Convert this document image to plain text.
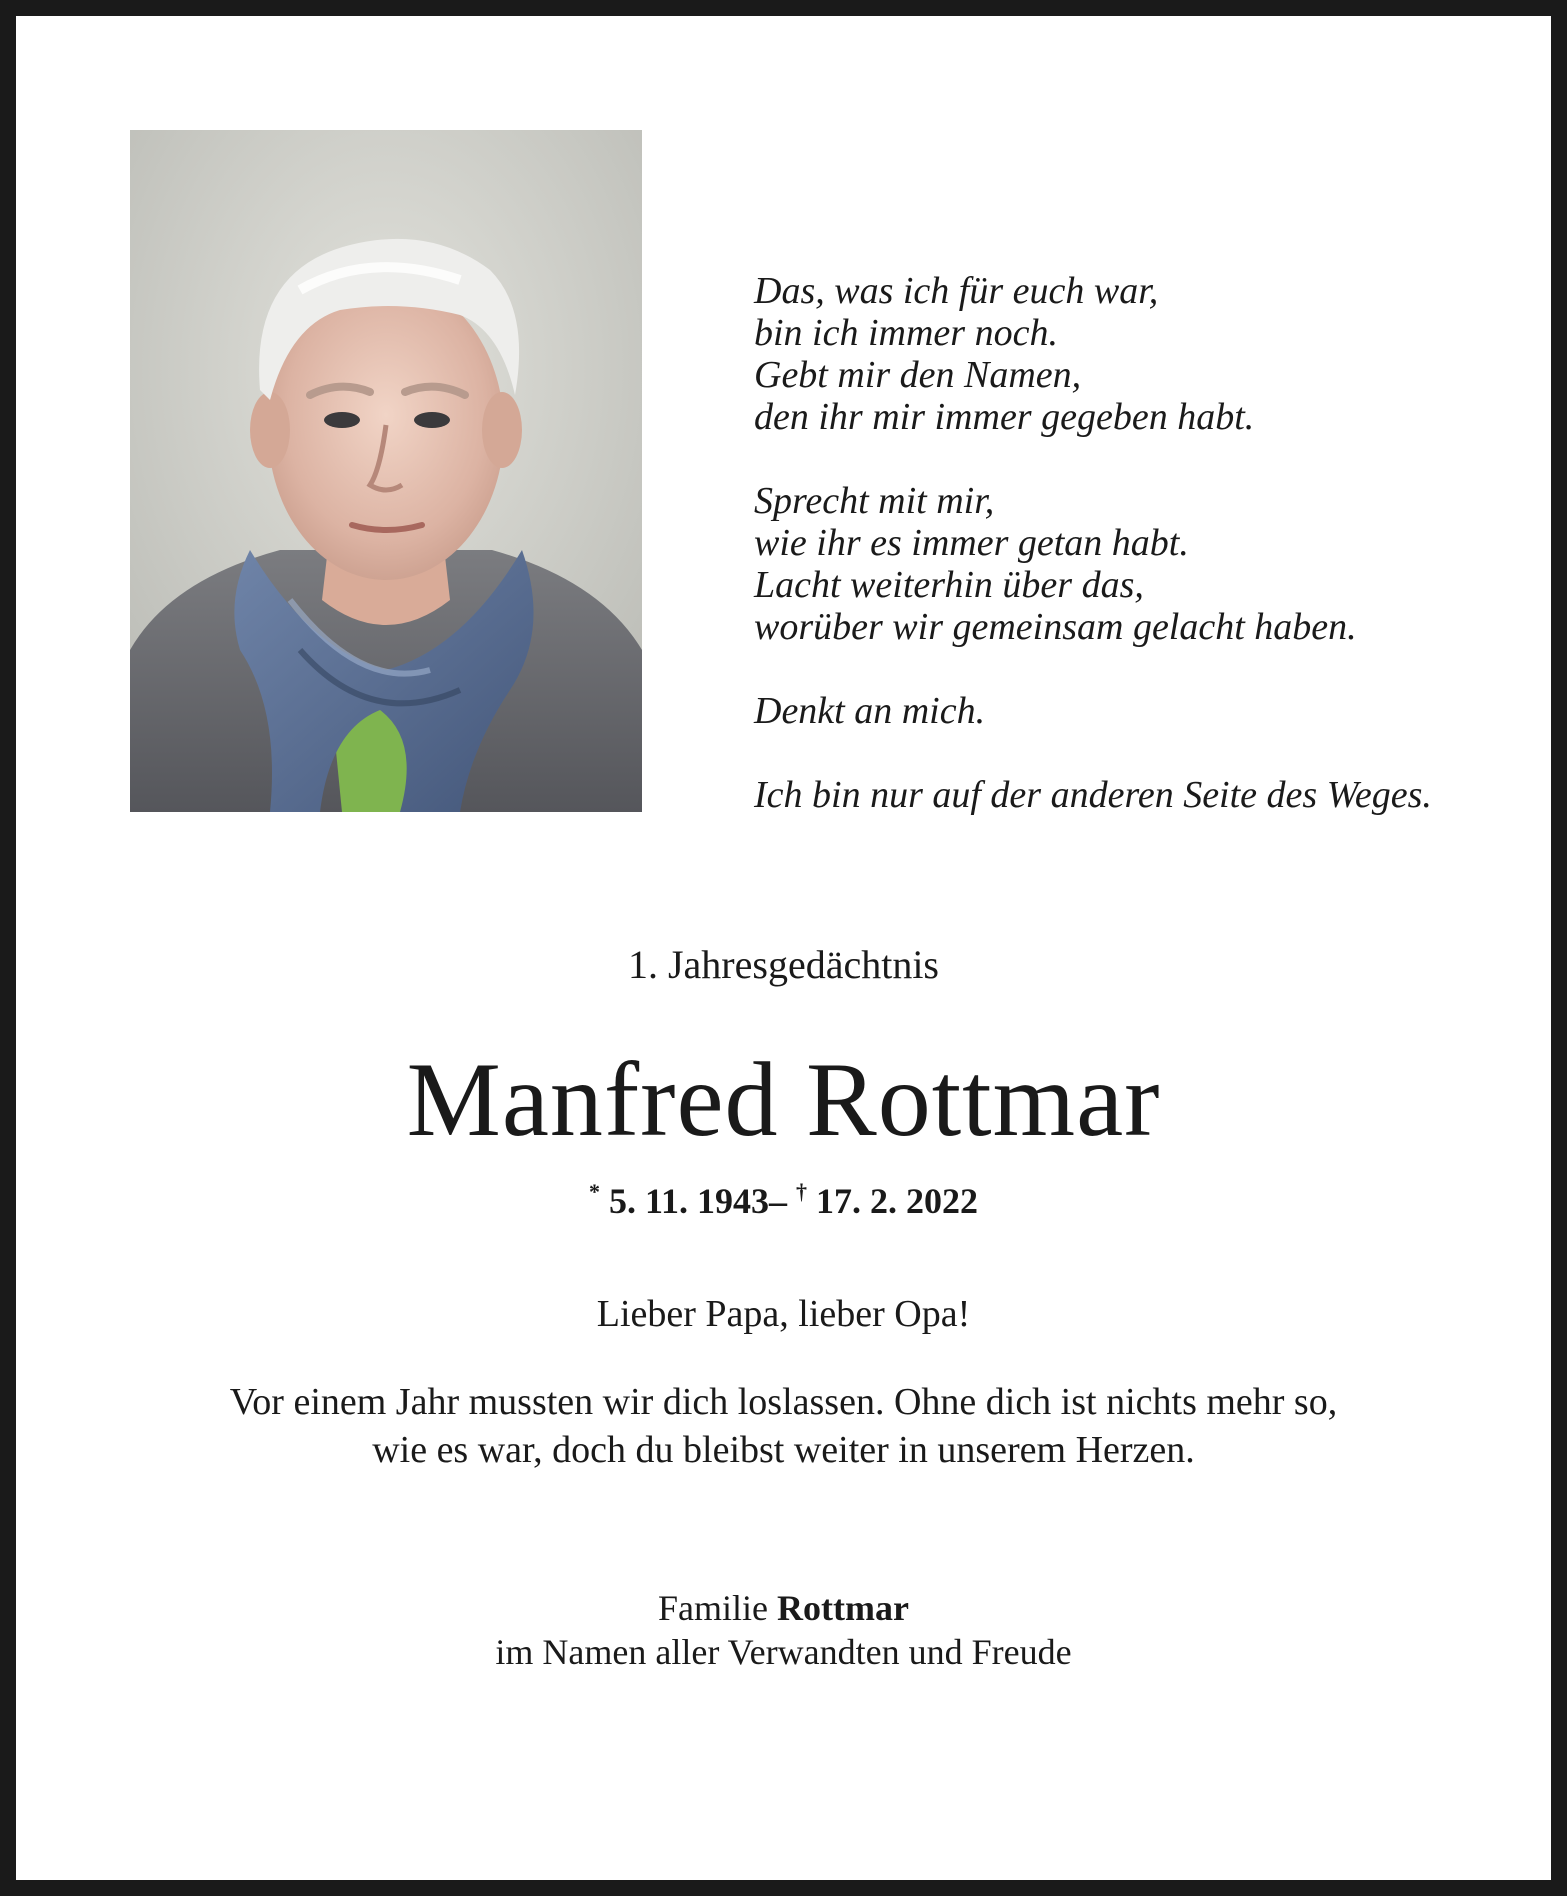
Das, was ich für euch war,
bin ich immer noch.
Gebt mir den Namen,
den ihr mir immer gegeben habt.
Sprecht mit mir,
wie ihr es immer getan habt.
Lacht weiterhin über das,
worüber wir gemeinsam gelacht haben.
Denkt an mich.
Ich bin nur auf der anderen Seite des Weges.
1. Jahresgedächtnis
Manfred Rottmar
* 5. 11. 1943– † 17. 2. 2022
Lieber Papa, lieber Opa!
Vor einem Jahr mussten wir dich loslassen. Ohne dich ist nichts mehr so,
wie es war, doch du bleibst weiter in unserem Herzen.
Familie Rottmar
im Namen aller Verwandten und Freude
